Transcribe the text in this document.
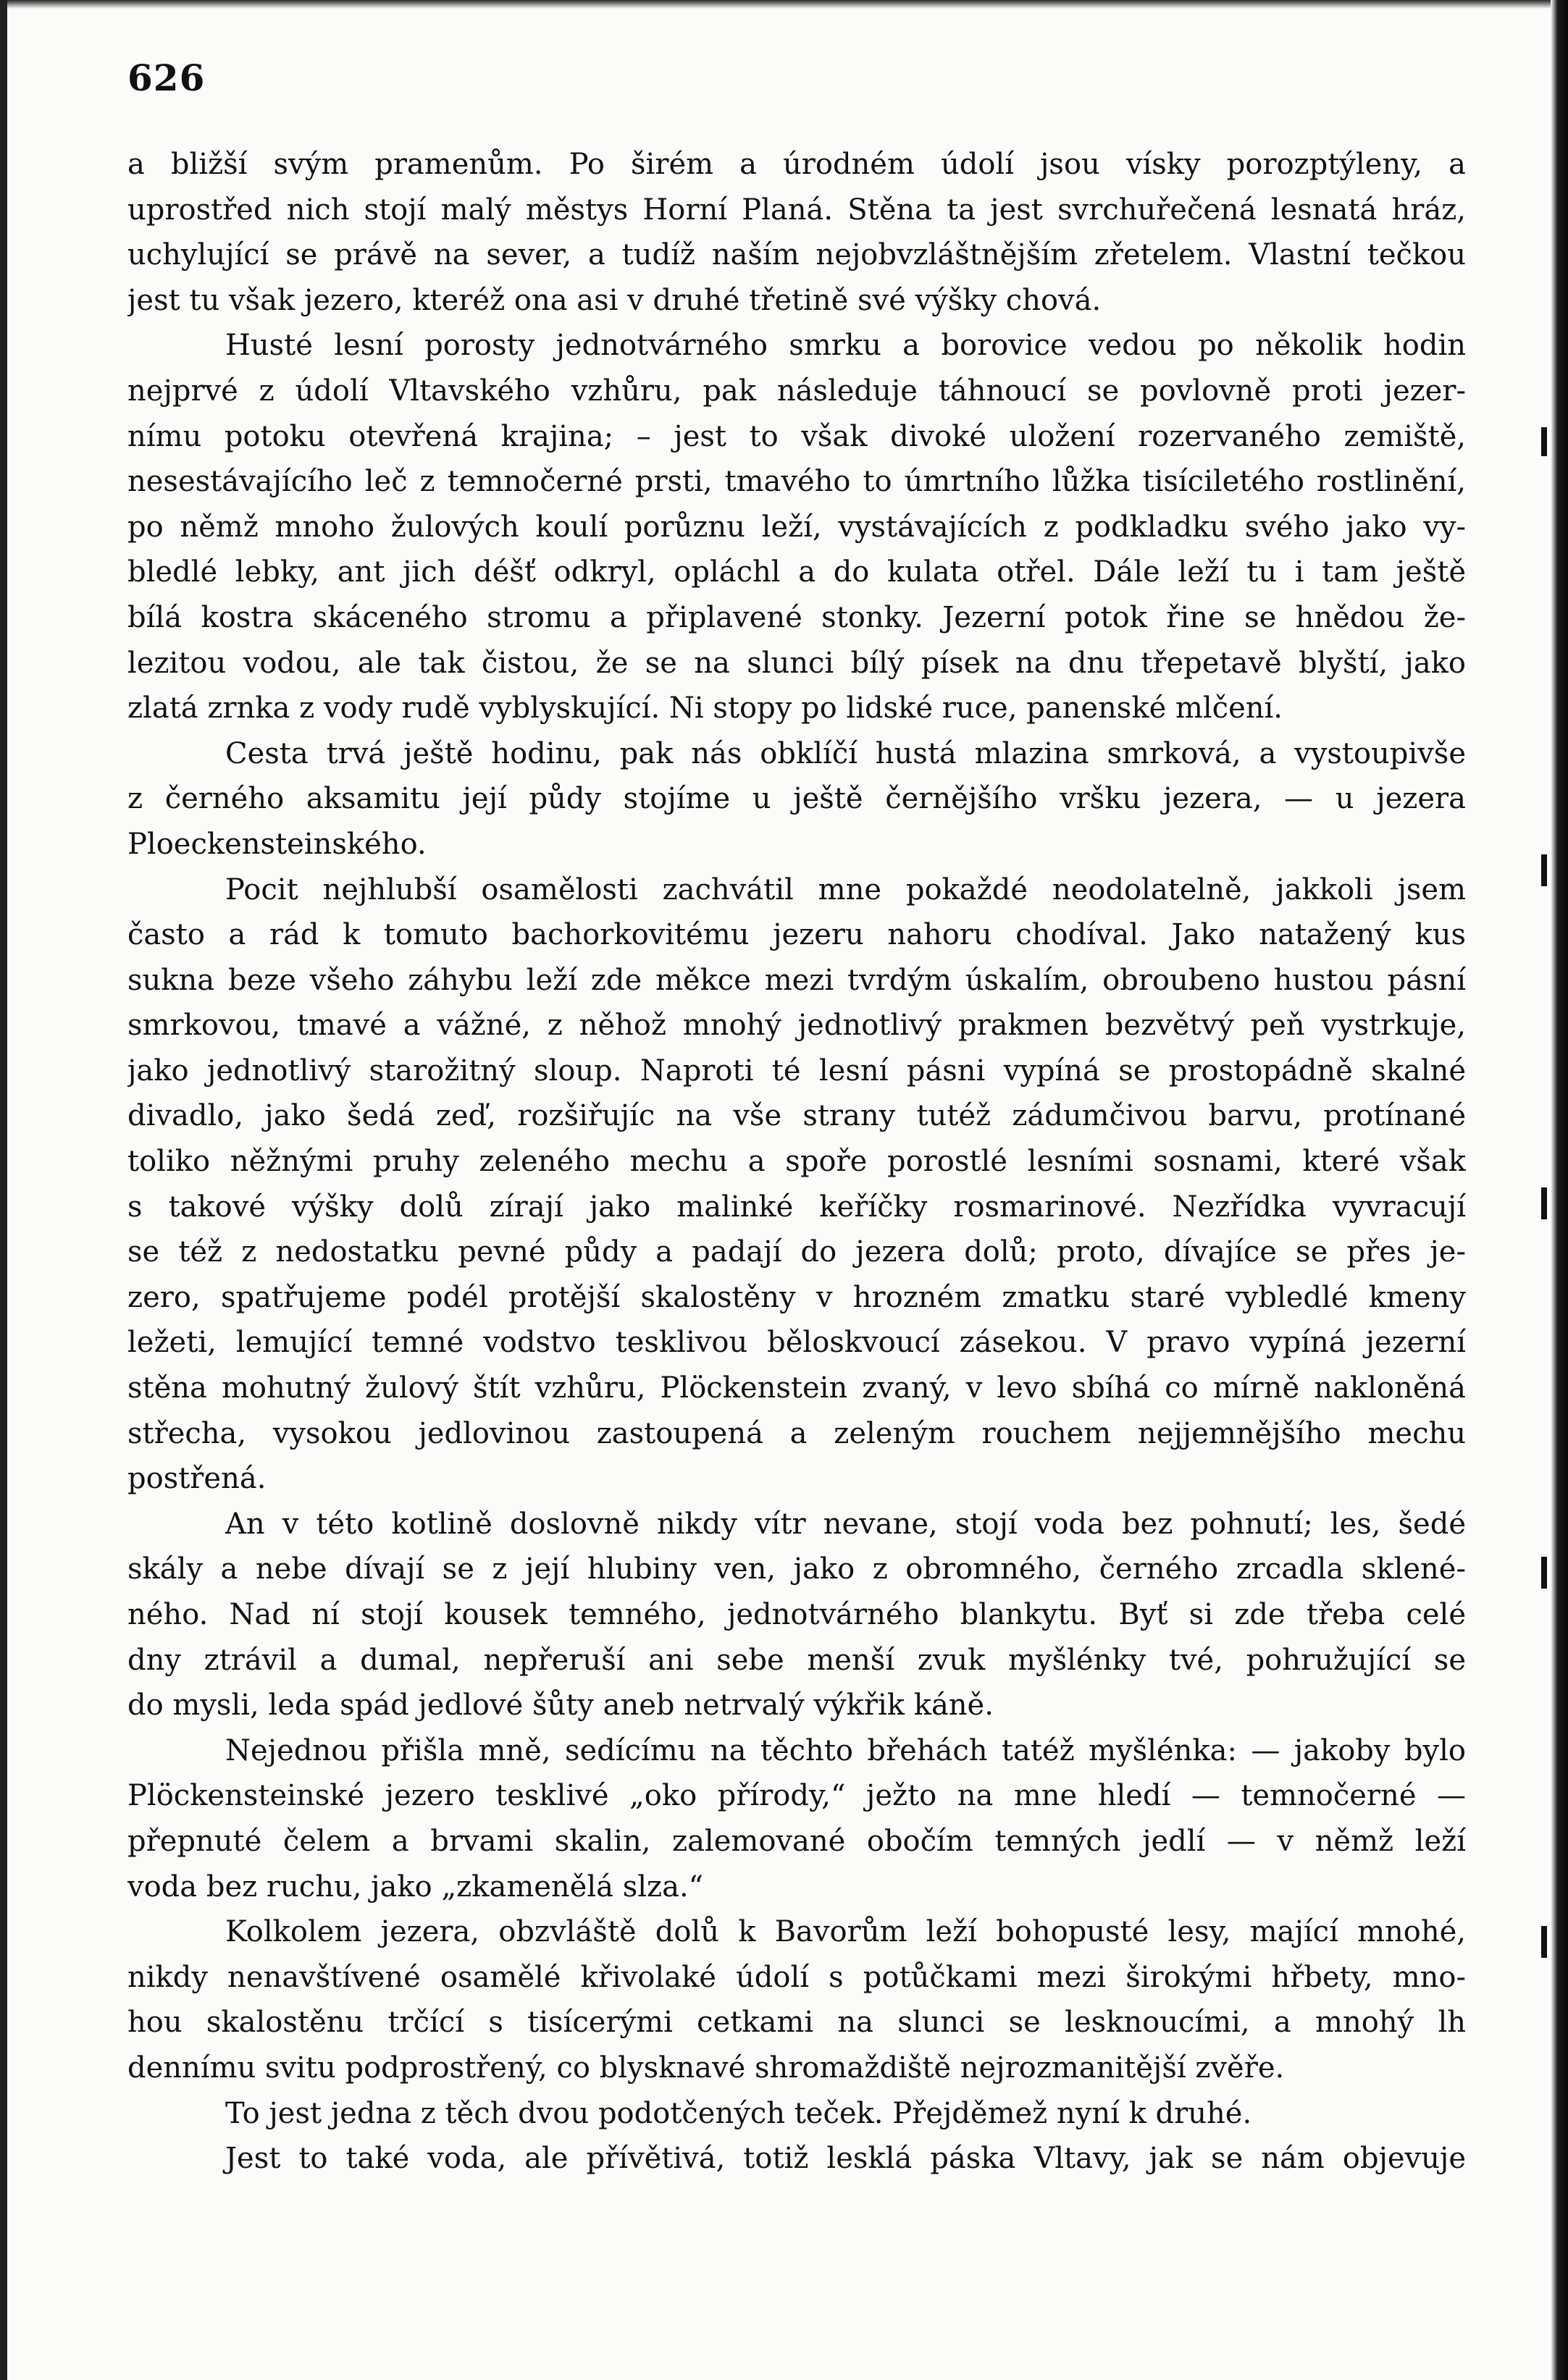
626
a bližší svým pramenům. Po širém a úrodném údolí jsou vísky porozptýleny, a
uprostřed nich stojí malý městys Horní Planá. Stěna ta jest svrchuřečená lesnatá hráz,
uchylující se právě na sever, a tudíž naším nejobvzláštnějším zřetelem. Vlastní tečkou
jest tu však jezero, kteréž ona asi v druhé třetině své výšky chová.
Husté lesní porosty jednotvárného smrku a borovice vedou po několik hodin
nejprvé z údolí Vltavského vzhůru, pak následuje táhnoucí se povlovně proti jezer-
nímu potoku otevřená krajina; – jest to však divoké uložení rozervaného zemiště,
nesestávajícího leč z temnočerné prsti, tmavého to úmrtního lůžka tisíciletého rostlinění,
po němž mnoho žulových koulí porůznu leží, vystávajících z podkladku svého jako vy-
bledlé lebky, ant jich déšť odkryl, opláchl a do kulata otřel. Dále leží tu i tam ještě
bílá kostra skáceného stromu a připlavené stonky. Jezerní potok řine se hnědou že-
lezitou vodou, ale tak čistou, že se na slunci bílý písek na dnu třepetavě blyští, jako
zlatá zrnka z vody rudě vyblyskující. Ni stopy po lidské ruce, panenské mlčení.
Cesta trvá ještě hodinu, pak nás obklíčí hustá mlazina smrková, a vystoupivše
z černého aksamitu její půdy stojíme u ještě černějšího vršku jezera, — u jezera
Ploeckensteinského.
Pocit nejhlubší osamělosti zachvátil mne pokaždé neodolatelně, jakkoli jsem
často a rád k tomuto bachorkovitému jezeru nahoru chodíval. Jako natažený kus
sukna beze všeho záhybu leží zde měkce mezi tvrdým úskalím, obroubeno hustou pásní
smrkovou, tmavé a vážné, z něhož mnohý jednotlivý prakmen bezvětvý peň vystrkuje,
jako jednotlivý starožitný sloup. Naproti té lesní pásni vypíná se prostopádně skalné
divadlo, jako šedá zeď, rozšiřujíc na vše strany tutéž zádumčivou barvu, protínané
toliko něžnými pruhy zeleného mechu a spoře porostlé lesními sosnami, které však
s takové výšky dolů zírají jako malinké keříčky rosmarinové. Nezřídka vyvracují
se též z nedostatku pevné půdy a padají do jezera dolů; proto, dívajíce se přes je-
zero, spatřujeme podél protější skalostěny v hrozném zmatku staré vybledlé kmeny
ležeti, lemující temné vodstvo tesklivou běloskvoucí zásekou. V pravo vypíná jezerní
stěna mohutný žulový štít vzhůru, Plöckenstein zvaný, v levo sbíhá co mírně nakloněná
střecha, vysokou jedlovinou zastoupená a zeleným rouchem nejjemnějšího mechu
postřená.
An v této kotlině doslovně nikdy vítr nevane, stojí voda bez pohnutí; les, šedé
skály a nebe dívají se z její hlubiny ven, jako z obromného, černého zrcadla sklené-
ného. Nad ní stojí kousek temného, jednotvárného blankytu. Byť si zde třeba celé
dny ztrávil a dumal, nepřeruší ani sebe menší zvuk myšlénky tvé, pohružující se
do mysli, leda spád jedlové šůty aneb netrvalý výkřik káně.
Nejednou přišla mně, sedícímu na těchto břehách tatéž myšlénka: — jakoby bylo
Plöckensteinské jezero tesklivé „oko přírody,“ ježto na mne hledí — temnočerné —
přepnuté čelem a brvami skalin, zalemované obočím temných jedlí — v němž leží
voda bez ruchu, jako „zkamenělá slza.“
Kolkolem jezera, obzvláště dolů k Bavorům leží bohopusté lesy, mající mnohé,
nikdy nenavštívené osamělé křivolaké údolí s potůčkami mezi širokými hřbety, mno-
hou skalostěnu trčící s tisícerými cetkami na slunci se lesknoucími, a mnohý lh
dennímu svitu podprostřený, co blysknavé shromaždiště nejrozmanitější zvěře.
To jest jedna z těch dvou podotčených teček. Přejděmež nyní k druhé.
Jest to také voda, ale přívětivá, totiž lesklá páska Vltavy, jak se nám objevuje
